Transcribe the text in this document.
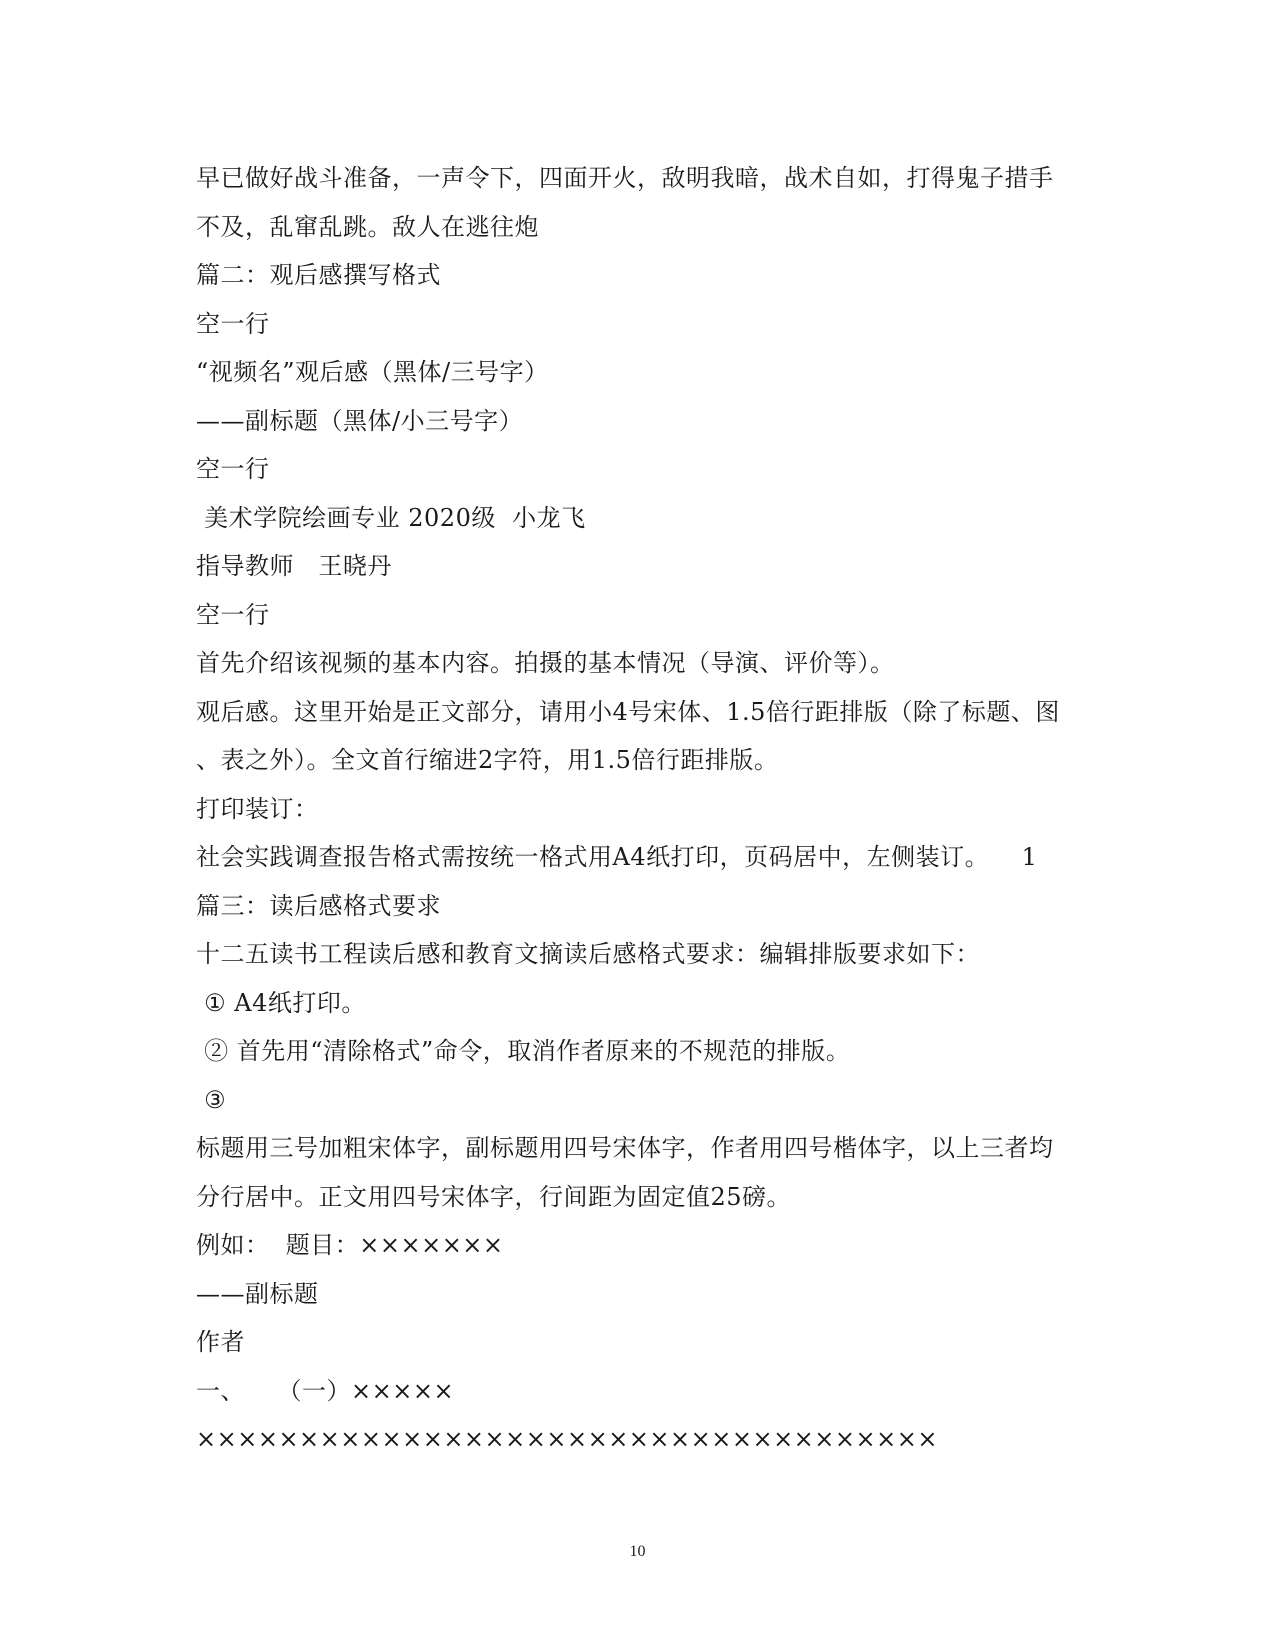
早已做好战斗准备，一声令下，四面开火，敌明我暗，战术自如，打得鬼子措手
不及，乱窜乱跳。敌人在逃往炮
篇二：观后感撰写格式
空一行
“视频名”观后感（黑体/三号字）
——副标题（黑体/小三号字）
空一行
美术学院绘画专业 2020级  小龙飞
指导教师   王晓丹
空一行
首先介绍该视频的基本内容。拍摄的基本情况（导演、评价等）。
观后感。这里开始是正文部分，请用小4号宋体、1.5倍行距排版（除了标题、图
、表之外）。全文首行缩进2字符，用1.5倍行距排版。
打印装订：
社会实践调查报告格式需按统一格式用A4纸打印，页码居中，左侧装订。    1
篇三：读后感格式要求
十二五读书工程读后感和教育文摘读后感格式要求：编辑排版要求如下：
① A4纸打印。
② 首先用“清除格式”命令，取消作者原来的不规范的排版。
③
标题用三号加粗宋体字，副标题用四号宋体字，作者用四号楷体字，以上三者均
分行居中。正文用四号宋体字，行间距为固定值25磅。
例如：  题目：×××××××
——副标题
作者
一、    （一）×××××
××××××××××××××××××××××××××××××××××××
10
